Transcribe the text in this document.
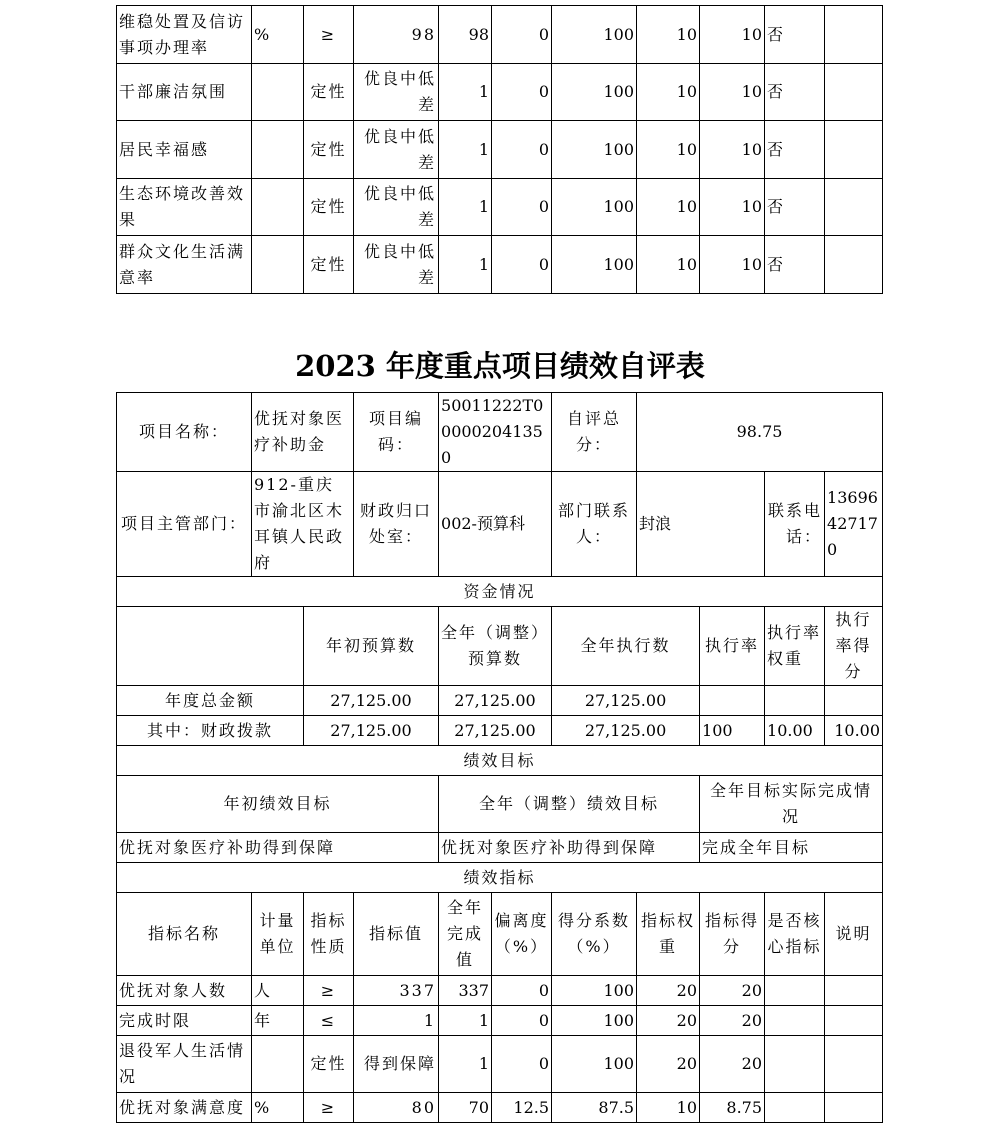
维稳处置及信访事项办理率	%	≥	98	98	0	100	10	10	否	
干部廉洁氛围		定性	优良中低差	1	0	100	10	10	否	
居民幸福感		定性	优良中低差	1	0	100	10	10	否	
生态环境改善效果		定性	优良中低差	1	0	100	10	10	否	
群众文化生活满意率		定性	优良中低差	1	0	100	10	10	否	
2023 年度重点项目绩效自评表
项目名称：	优抚对象医疗补助金		项目编码：	50011222T000002041350		自评总分：	98.75			
项目主管部门：	912-重庆市渝北区木耳镇人民政府		财政归口处室：	002-预算科		部门联系人：	封浪		联系电话：	13696427170
资金情况										
		年初预算数		全年（调整）预算数		全年执行数		执行率	执行率权重	执行率得分
年度总金额		27,125.00		27,125.00		27,125.00				
其中：财政拨款		27,125.00		27,125.00		27,125.00		100	10.00	10.00
绩效目标										
年初绩效目标				全年（调整）绩效目标				全年目标实际完成情况		
优抚对象医疗补助得到保障				优抚对象医疗补助得到保障				完成全年目标		
绩效指标										
指标名称	计量单位	指标性质	指标值	全年完成值	偏离度（%）	得分系数（%）	指标权重	指标得分	是否核心指标	说明
优抚对象人数	人	≥	337	337	0	100	20	20		
完成时限	年	≤	1	1	0	100	20	20		
退役军人生活情况		定性	得到保障	1	0	100	20	20		
优抚对象满意度	%	≥	80	70	12.5	87.5	10	8.75		
